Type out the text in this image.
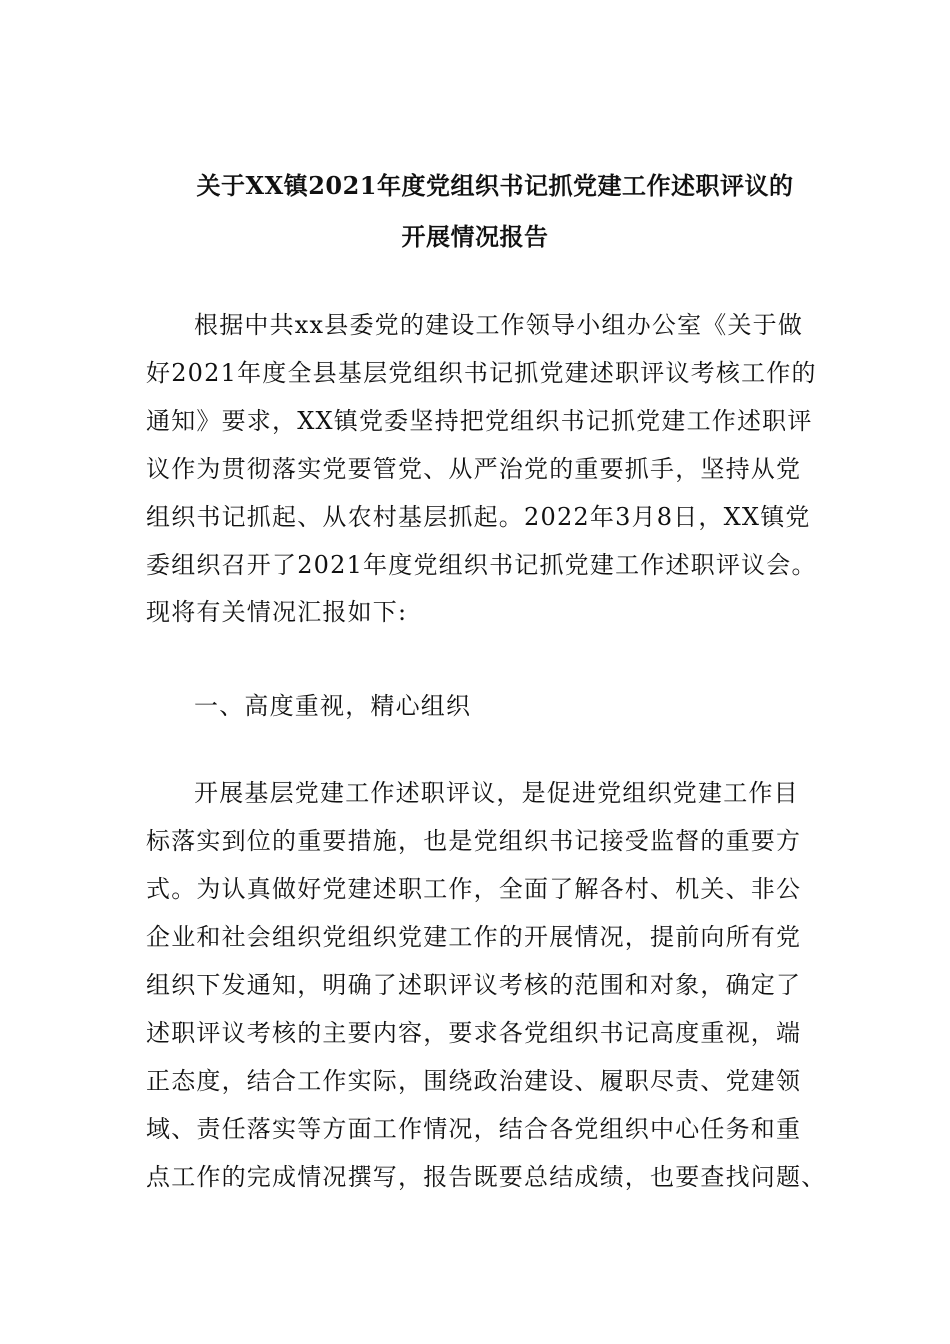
关于XX镇2021年度党组织书记抓党建工作述职评议的
开展情况报告
根据中共xx县委党的建设工作领导小组办公室《关于做
好2021年度全县基层党组织书记抓党建述职评议考核工作的
通知》要求，XX镇党委坚持把党组织书记抓党建工作述职评
议作为贯彻落实党要管党、从严治党的重要抓手，坚持从党
组织书记抓起、从农村基层抓起。2022年3月8日，XX镇党
委组织召开了2021年度党组织书记抓党建工作述职评议会。
现将有关情况汇报如下:
一、高度重视，精心组织
开展基层党建工作述职评议，是促进党组织党建工作目
标落实到位的重要措施，也是党组织书记接受监督的重要方
式。为认真做好党建述职工作，全面了解各村、机关、非公
企业和社会组织党组织党建工作的开展情况，提前向所有党
组织下发通知，明确了述职评议考核的范围和对象，确定了
述职评议考核的主要内容，要求各党组织书记高度重视，端
正态度，结合工作实际，围绕政治建设、履职尽责、党建领
域、责任落实等方面工作情况，结合各党组织中心任务和重
点工作的完成情况撰写，报告既要总结成绩，也要查找问题、
